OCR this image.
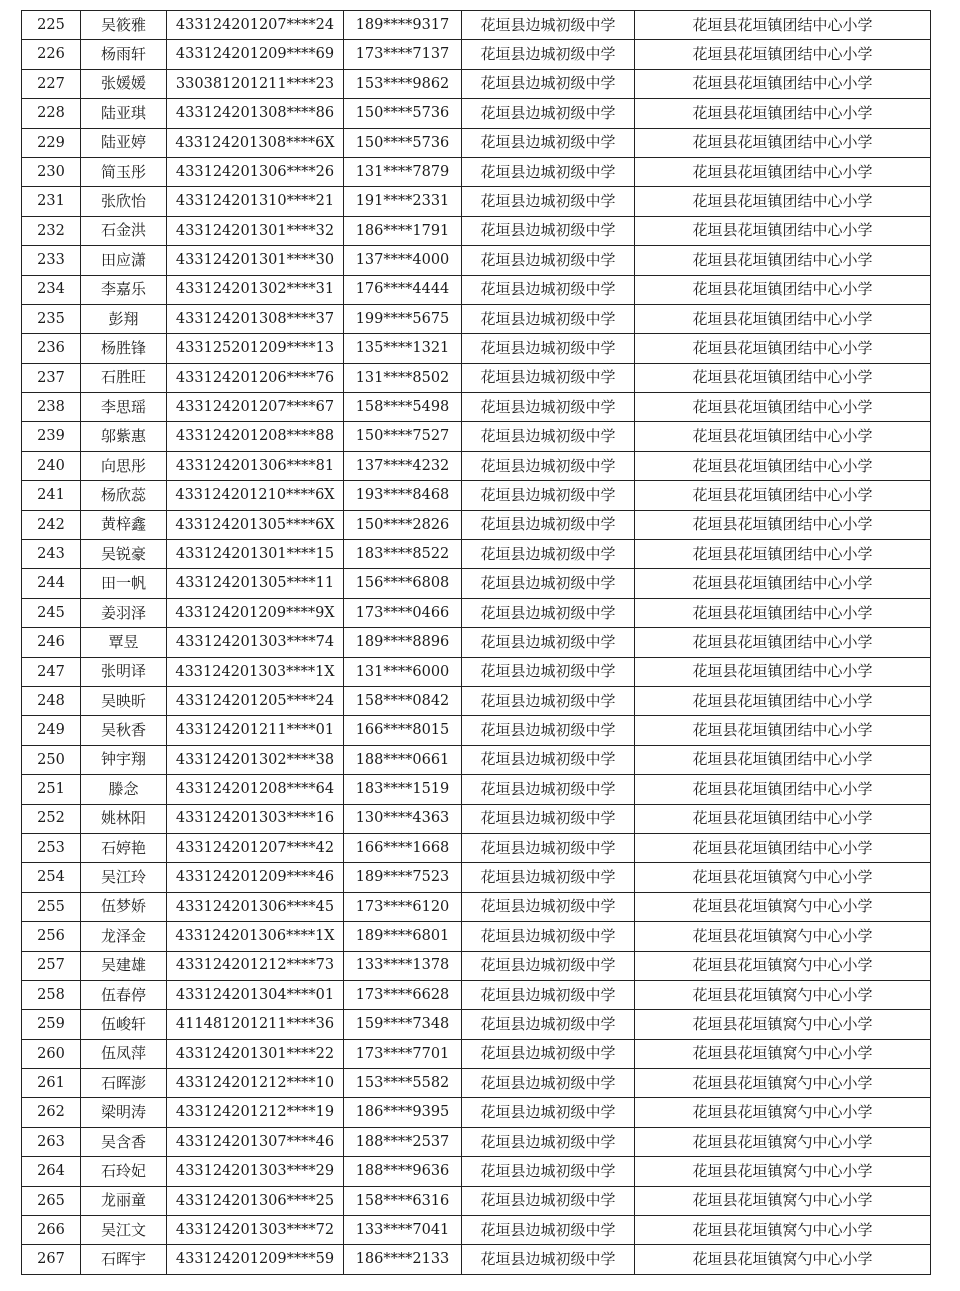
225	吴筱雅	433124201207****24	189****9317	花垣县边城初级中学	花垣县花垣镇团结中心小学
226	杨雨轩	433124201209****69	173****7137	花垣县边城初级中学	花垣县花垣镇团结中心小学
227	张媛媛	330381201211****23	153****9862	花垣县边城初级中学	花垣县花垣镇团结中心小学
228	陆亚琪	433124201308****86	150****5736	花垣县边城初级中学	花垣县花垣镇团结中心小学
229	陆亚婷	433124201308****6X	150****5736	花垣县边城初级中学	花垣县花垣镇团结中心小学
230	简玉彤	433124201306****26	131****7879	花垣县边城初级中学	花垣县花垣镇团结中心小学
231	张欣怡	433124201310****21	191****2331	花垣县边城初级中学	花垣县花垣镇团结中心小学
232	石金洪	433124201301****32	186****1791	花垣县边城初级中学	花垣县花垣镇团结中心小学
233	田应潇	433124201301****30	137****4000	花垣县边城初级中学	花垣县花垣镇团结中心小学
234	李嘉乐	433124201302****31	176****4444	花垣县边城初级中学	花垣县花垣镇团结中心小学
235	彭翔	433124201308****37	199****5675	花垣县边城初级中学	花垣县花垣镇团结中心小学
236	杨胜锋	433125201209****13	135****1321	花垣县边城初级中学	花垣县花垣镇团结中心小学
237	石胜旺	433124201206****76	131****8502	花垣县边城初级中学	花垣县花垣镇团结中心小学
238	李思瑶	433124201207****67	158****5498	花垣县边城初级中学	花垣县花垣镇团结中心小学
239	邬紫惠	433124201208****88	150****7527	花垣县边城初级中学	花垣县花垣镇团结中心小学
240	向思彤	433124201306****81	137****4232	花垣县边城初级中学	花垣县花垣镇团结中心小学
241	杨欣蕊	433124201210****6X	193****8468	花垣县边城初级中学	花垣县花垣镇团结中心小学
242	黄梓鑫	433124201305****6X	150****2826	花垣县边城初级中学	花垣县花垣镇团结中心小学
243	吴锐豪	433124201301****15	183****8522	花垣县边城初级中学	花垣县花垣镇团结中心小学
244	田一帆	433124201305****11	156****6808	花垣县边城初级中学	花垣县花垣镇团结中心小学
245	姜羽泽	433124201209****9X	173****0466	花垣县边城初级中学	花垣县花垣镇团结中心小学
246	覃昱	433124201303****74	189****8896	花垣县边城初级中学	花垣县花垣镇团结中心小学
247	张明译	433124201303****1X	131****6000	花垣县边城初级中学	花垣县花垣镇团结中心小学
248	吴映昕	433124201205****24	158****0842	花垣县边城初级中学	花垣县花垣镇团结中心小学
249	吴秋香	433124201211****01	166****8015	花垣县边城初级中学	花垣县花垣镇团结中心小学
250	钟宇翔	433124201302****38	188****0661	花垣县边城初级中学	花垣县花垣镇团结中心小学
251	滕念	433124201208****64	183****1519	花垣县边城初级中学	花垣县花垣镇团结中心小学
252	姚林阳	433124201303****16	130****4363	花垣县边城初级中学	花垣县花垣镇团结中心小学
253	石婷艳	433124201207****42	166****1668	花垣县边城初级中学	花垣县花垣镇团结中心小学
254	吴江玲	433124201209****46	189****7523	花垣县边城初级中学	花垣县花垣镇窝勺中心小学
255	伍梦娇	433124201306****45	173****6120	花垣县边城初级中学	花垣县花垣镇窝勺中心小学
256	龙泽金	433124201306****1X	189****6801	花垣县边城初级中学	花垣县花垣镇窝勺中心小学
257	吴建雄	433124201212****73	133****1378	花垣县边城初级中学	花垣县花垣镇窝勺中心小学
258	伍春停	433124201304****01	173****6628	花垣县边城初级中学	花垣县花垣镇窝勺中心小学
259	伍峻轩	411481201211****36	159****7348	花垣县边城初级中学	花垣县花垣镇窝勺中心小学
260	伍凤萍	433124201301****22	173****7701	花垣县边城初级中学	花垣县花垣镇窝勺中心小学
261	石晖澎	433124201212****10	153****5582	花垣县边城初级中学	花垣县花垣镇窝勺中心小学
262	梁明涛	433124201212****19	186****9395	花垣县边城初级中学	花垣县花垣镇窝勺中心小学
263	吴含香	433124201307****46	188****2537	花垣县边城初级中学	花垣县花垣镇窝勺中心小学
264	石玲妃	433124201303****29	188****9636	花垣县边城初级中学	花垣县花垣镇窝勺中心小学
265	龙丽童	433124201306****25	158****6316	花垣县边城初级中学	花垣县花垣镇窝勺中心小学
266	吴江文	433124201303****72	133****7041	花垣县边城初级中学	花垣县花垣镇窝勺中心小学
267	石晖宇	433124201209****59	186****2133	花垣县边城初级中学	花垣县花垣镇窝勺中心小学
